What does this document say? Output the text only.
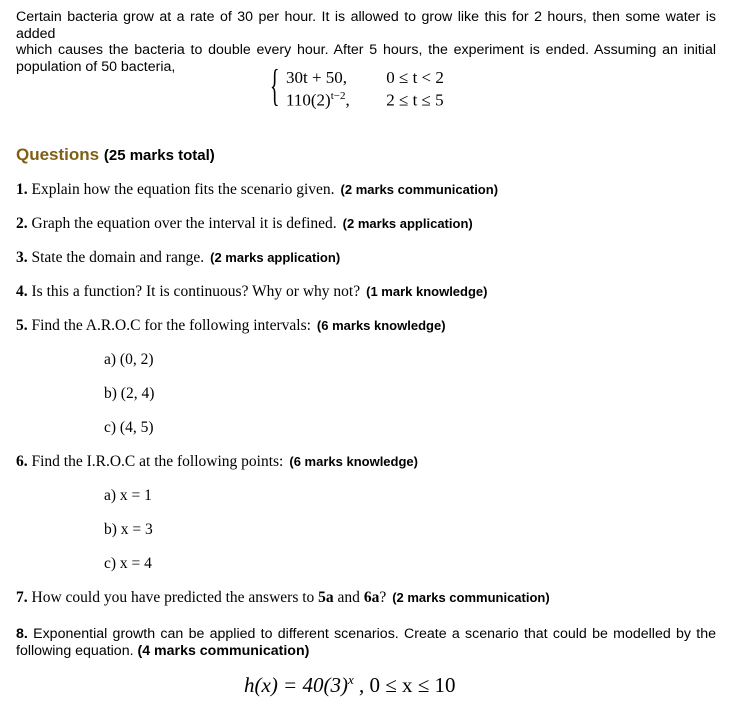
Certain bacteria grow at a rate of 30 per hour. It is allowed to grow like this for 2 hours, then some water is added
which causes the bacteria to double every hour. After 5 hours, the experiment is ended. Assuming an initial
population of 50 bacteria,	{ 30t + 50, 0 ≤ t < 2
$110(2)^{t-2}$, 2 ≤ t ≤ 5
Questions (25 marks total)
1. Explain how the equation fits the scenario given. (2 marks communication)
2. Graph the equation over the interval it is defined. (2 marks application)
3. State the domain and range. (2 marks application)
4. Is this a function? It is continuous? Why or why not? (1 mark knowledge)
5. Find the A.R.O.C for the following intervals: (6 marks knowledge)
a) (0, 2)
b) (2, 4)
c) (4, 5)
6. Find the I.R.O.C at the following points: (6 marks knowledge)
a) x = 1
b) x = 3
c) x = 4
7. How could you have predicted the answers to 5a and 6a? (2 marks communication)
8. Exponential growth can be applied to different scenarios. Create a scenario that could be modelled by the
following equation. (4 marks communication)
$h(x) = 40(3)^x$ , 0 ≤ x ≤ 10
